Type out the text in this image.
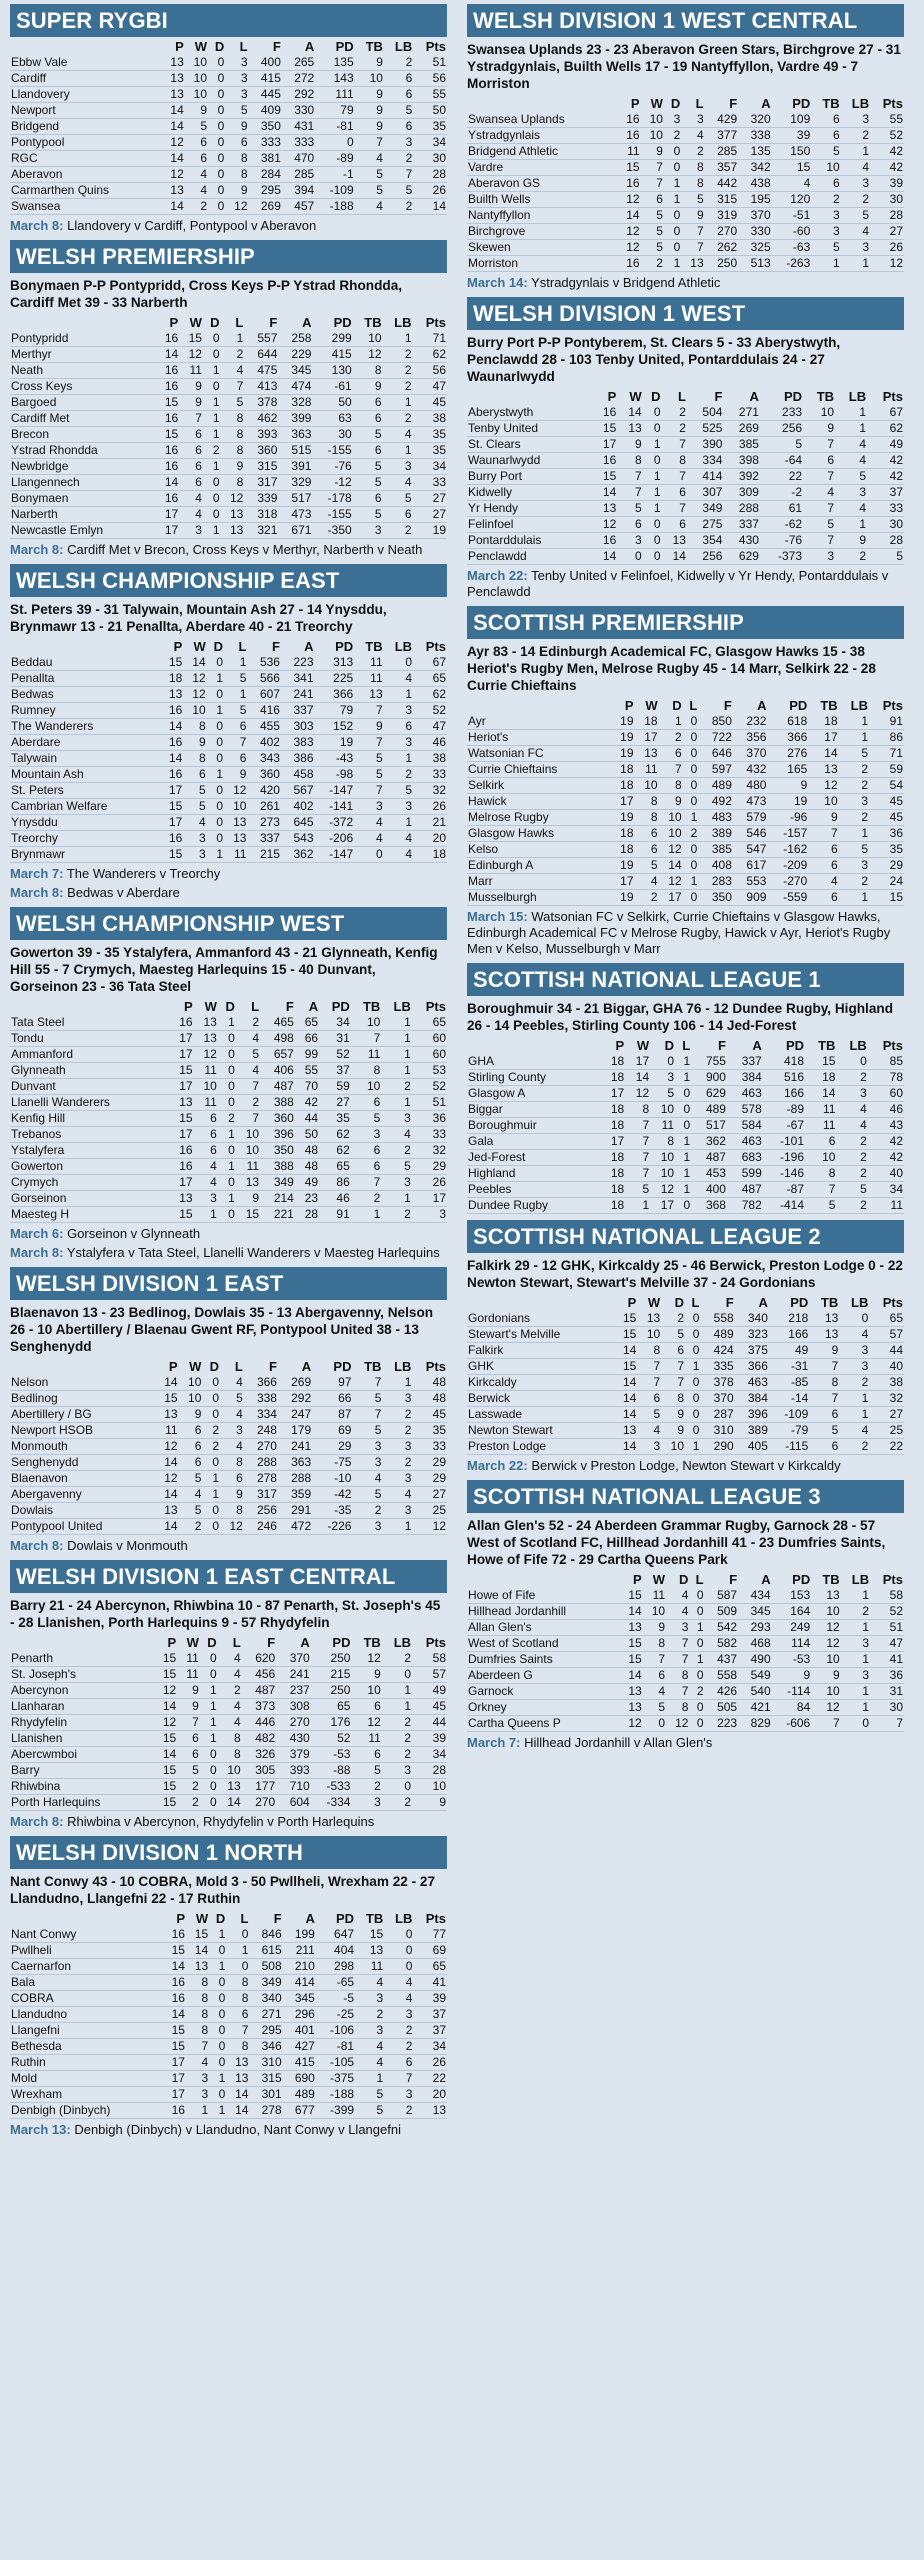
SUPER RYGBI
	P	W	D	L	F	A	PD	TB	LB	Pts
Ebbw Vale	13	10	0	3	400	265	135	9	2	51
Cardiff	13	10	0	3	415	272	143	10	6	56
Llandovery	13	10	0	3	445	292	111	9	6	55
Newport	14	9	0	5	409	330	79	9	5	50
Bridgend	14	5	0	9	350	431	-81	9	6	35
Pontypool	12	6	0	6	333	333	0	7	3	34
RGC	14	6	0	8	381	470	-89	4	2	30
Aberavon	12	4	0	8	284	285	-1	5	7	28
Carmarthen Quins	13	4	0	9	295	394	-109	5	5	26
Swansea	14	2	0	12	269	457	-188	4	2	14
March 8: Llandovery v Cardiff, Pontypool v Aberavon
WELSH PREMIERSHIP
Bonymaen P-P Pontypridd, Cross Keys P-P Ystrad Rhondda, Cardiff Met 39 - 33 Narberth
	P	W	D	L	F	A	PD	TB	LB	Pts
Pontypridd	16	15	0	1	557	258	299	10	1	71
Merthyr	14	12	0	2	644	229	415	12	2	62
Neath	16	11	1	4	475	345	130	8	2	56
Cross Keys	16	9	0	7	413	474	-61	9	2	47
Bargoed	15	9	1	5	378	328	50	6	1	45
Cardiff Met	16	7	1	8	462	399	63	6	2	38
Brecon	15	6	1	8	393	363	30	5	4	35
Ystrad Rhondda	16	6	2	8	360	515	-155	6	1	35
Newbridge	16	6	1	9	315	391	-76	5	3	34
Llangennech	14	6	0	8	317	329	-12	5	4	33
Bonymaen	16	4	0	12	339	517	-178	6	5	27
Narberth	17	4	0	13	318	473	-155	5	6	27
Newcastle Emlyn	17	3	1	13	321	671	-350	3	2	19
March 8: Cardiff Met v Brecon, Cross Keys v Merthyr, Narberth v Neath
WELSH CHAMPIONSHIP EAST
St. Peters 39 - 31 Talywain, Mountain Ash 27 - 14 Ynysddu, Brynmawr 13 - 21 Penallta, Aberdare 40 - 21 Treorchy
	P	W	D	L	F	A	PD	TB	LB	Pts
Beddau	15	14	0	1	536	223	313	11	0	67
Penallta	18	12	1	5	566	341	225	11	4	65
Bedwas	13	12	0	1	607	241	366	13	1	62
Rumney	16	10	1	5	416	337	79	7	3	52
The Wanderers	14	8	0	6	455	303	152	9	6	47
Aberdare	16	9	0	7	402	383	19	7	3	46
Talywain	14	8	0	6	343	386	-43	5	1	38
Mountain Ash	16	6	1	9	360	458	-98	5	2	33
St. Peters	17	5	0	12	420	567	-147	7	5	32
Cambrian Welfare	15	5	0	10	261	402	-141	3	3	26
Ynysddu	17	4	0	13	273	645	-372	4	1	21
Treorchy	16	3	0	13	337	543	-206	4	4	20
Brynmawr	15	3	1	11	215	362	-147	0	4	18
March 7: The Wanderers v Treorchy
March 8: Bedwas v Aberdare
WELSH CHAMPIONSHIP WEST
Gowerton 39 - 35 Ystalyfera, Ammanford 43 - 21 Glynneath, Kenfig Hill 55 - 7 Crymych, Maesteg Harlequins 15 - 40 Dunvant, Gorseinon 23 - 36 Tata Steel
	P	W	D	L	F	A	PD	TB	LB	Pts
Tata Steel	16	13	1	2	465	65	34	10	1	65
Tondu	17	13	0	4	498	66	31	7	1	60
Ammanford	17	12	0	5	657	99	52	11	1	60
Glynneath	15	11	0	4	406	55	37	8	1	53
Dunvant	17	10	0	7	487	70	59	10	2	52
Llanelli Wanderers	13	11	0	2	388	42	27	6	1	51
Kenfig Hill	15	6	2	7	360	44	35	5	3	36
Trebanos	17	6	1	10	396	50	62	3	4	33
Ystalyfera	16	6	0	10	350	48	62	6	2	32
Gowerton	16	4	1	11	388	48	65	6	5	29
Crymych	17	4	0	13	349	49	86	7	3	26
Gorseinon	13	3	1	9	214	23	46	2	1	17
Maesteg H	15	1	0	15	221	28	91	1	2	3
March 6: Gorseinon v Glynneath
March 8: Ystalyfera v Tata Steel, Llanelli Wanderers v Maesteg Harlequins
WELSH DIVISION 1 EAST
Blaenavon 13 - 23 Bedlinog, Dowlais 35 - 13 Abergavenny, Nelson 26 - 10 Abertillery / Blaenau Gwent RF, Pontypool United 38 - 13 Senghenydd
	P	W	D	L	F	A	PD	TB	LB	Pts
Nelson	14	10	0	4	366	269	97	7	1	48
Bedlinog	15	10	0	5	338	292	66	5	3	48
Abertillery / BG	13	9	0	4	334	247	87	7	2	45
Newport HSOB	11	6	2	3	248	179	69	5	2	35
Monmouth	12	6	2	4	270	241	29	3	3	33
Senghenydd	14	6	0	8	288	363	-75	3	2	29
Blaenavon	12	5	1	6	278	288	-10	4	3	29
Abergavenny	14	4	1	9	317	359	-42	5	4	27
Dowlais	13	5	0	8	256	291	-35	2	3	25
Pontypool United	14	2	0	12	246	472	-226	3	1	12
March 8: Dowlais v Monmouth
WELSH DIVISION 1 EAST CENTRAL
Barry 21 - 24 Abercynon, Rhiwbina 10 - 87 Penarth, St. Joseph's 45 - 28 Llanishen, Porth Harlequins 9 - 57 Rhydyfelin
	P	W	D	L	F	A	PD	TB	LB	Pts
Penarth	15	11	0	4	620	370	250	12	2	58
St. Joseph's	15	11	0	4	456	241	215	9	0	57
Abercynon	12	9	1	2	487	237	250	10	1	49
Llanharan	14	9	1	4	373	308	65	6	1	45
Rhydyfelin	12	7	1	4	446	270	176	12	2	44
Llanishen	15	6	1	8	482	430	52	11	2	39
Abercwmboi	14	6	0	8	326	379	-53	6	2	34
Barry	15	5	0	10	305	393	-88	5	3	28
Rhiwbina	15	2	0	13	177	710	-533	2	0	10
Porth Harlequins	15	2	0	14	270	604	-334	3	2	9
March 8: Rhiwbina v Abercynon, Rhydyfelin v Porth Harlequins
WELSH DIVISION 1 NORTH
Nant Conwy 43 - 10 COBRA, Mold 3 - 50 Pwllheli, Wrexham 22 - 27 Llandudno, Llangefni 22 - 17 Ruthin
	P	W	D	L	F	A	PD	TB	LB	Pts
Nant Conwy	16	15	1	0	846	199	647	15	0	77
Pwllheli	15	14	0	1	615	211	404	13	0	69
Caernarfon	14	13	1	0	508	210	298	11	0	65
Bala	16	8	0	8	349	414	-65	4	4	41
COBRA	16	8	0	8	340	345	-5	3	4	39
Llandudno	14	8	0	6	271	296	-25	2	3	37
Llangefni	15	8	0	7	295	401	-106	3	2	37
Bethesda	15	7	0	8	346	427	-81	4	2	34
Ruthin	17	4	0	13	310	415	-105	4	6	26
Mold	17	3	1	13	315	690	-375	1	7	22
Wrexham	17	3	0	14	301	489	-188	5	3	20
Denbigh (Dinbych)	16	1	1	14	278	677	-399	5	2	13
March 13: Denbigh (Dinbych) v Llandudno, Nant Conwy v Llangefni
WELSH DIVISION 1 WEST CENTRAL
Swansea Uplands 23 - 23 Aberavon Green Stars, Birchgrove 27 - 31 Ystradgynlais, Builth Wells 17 - 19 Nantyffyllon, Vardre 49 - 7 Morriston
	P	W	D	L	F	A	PD	TB	LB	Pts
Swansea Uplands	16	10	3	3	429	320	109	6	3	55
Ystradgynlais	16	10	2	4	377	338	39	6	2	52
Bridgend Athletic	11	9	0	2	285	135	150	5	1	42
Vardre	15	7	0	8	357	342	15	10	4	42
Aberavon GS	16	7	1	8	442	438	4	6	3	39
Builth Wells	12	6	1	5	315	195	120	2	2	30
Nantyffyllon	14	5	0	9	319	370	-51	3	5	28
Birchgrove	12	5	0	7	270	330	-60	3	4	27
Skewen	12	5	0	7	262	325	-63	5	3	26
Morriston	16	2	1	13	250	513	-263	1	1	12
March 14: Ystradgynlais v Bridgend Athletic
WELSH DIVISION 1 WEST
Burry Port P-P Pontyberem, St. Clears 5 - 33 Aberystwyth, Penclawdd 28 - 103 Tenby United, Pontarddulais 24 - 27 Waunarlwydd
	P	W	D	L	F	A	PD	TB	LB	Pts
Aberystwyth	16	14	0	2	504	271	233	10	1	67
Tenby United	15	13	0	2	525	269	256	9	1	62
St. Clears	17	9	1	7	390	385	5	7	4	49
Waunarlwydd	16	8	0	8	334	398	-64	6	4	42
Burry Port	15	7	1	7	414	392	22	7	5	42
Kidwelly	14	7	1	6	307	309	-2	4	3	37
Yr Hendy	13	5	1	7	349	288	61	7	4	33
Felinfoel	12	6	0	6	275	337	-62	5	1	30
Pontarddulais	16	3	0	13	354	430	-76	7	9	28
Penclawdd	14	0	0	14	256	629	-373	3	2	5
March 22: Tenby United v Felinfoel, Kidwelly v Yr Hendy, Pontarddulais v Penclawdd
SCOTTISH PREMIERSHIP
Ayr 83 - 14 Edinburgh Academical FC, Glasgow Hawks 15 - 38 Heriot's Rugby Men, Melrose Rugby 45 - 14 Marr, Selkirk 22 - 28 Currie Chieftains
	P	W	D	L	F	A	PD	TB	LB	Pts
Ayr	19	18	1	0	850	232	618	18	1	91
Heriot's	19	17	2	0	722	356	366	17	1	86
Watsonian FC	19	13	6	0	646	370	276	14	5	71
Currie Chieftains	18	11	7	0	597	432	165	13	2	59
Selkirk	18	10	8	0	489	480	9	12	2	54
Hawick	17	8	9	0	492	473	19	10	3	45
Melrose Rugby	19	8	10	1	483	579	-96	9	2	45
Glasgow Hawks	18	6	10	2	389	546	-157	7	1	36
Kelso	18	6	12	0	385	547	-162	6	5	35
Edinburgh A	19	5	14	0	408	617	-209	6	3	29
Marr	17	4	12	1	283	553	-270	4	2	24
Musselburgh	19	2	17	0	350	909	-559	6	1	15
March 15: Watsonian FC v Selkirk, Currie Chieftains v Glasgow Hawks, Edinburgh Academical FC v Melrose Rugby, Hawick v Ayr, Heriot's Rugby Men v Kelso, Musselburgh v Marr
SCOTTISH NATIONAL LEAGUE 1
Boroughmuir 34 - 21 Biggar, GHA 76 - 12 Dundee Rugby, Highland 26 - 14 Peebles, Stirling County 106 - 14 Jed-Forest
	P	W	D	L	F	A	PD	TB	LB	Pts
GHA	18	17	0	1	755	337	418	15	0	85
Stirling County	18	14	3	1	900	384	516	18	2	78
Glasgow A	17	12	5	0	629	463	166	14	3	60
Biggar	18	8	10	0	489	578	-89	11	4	46
Boroughmuir	18	7	11	0	517	584	-67	11	4	43
Gala	17	7	8	1	362	463	-101	6	2	42
Jed-Forest	18	7	10	1	487	683	-196	10	2	42
Highland	18	7	10	1	453	599	-146	8	2	40
Peebles	18	5	12	1	400	487	-87	7	5	34
Dundee Rugby	18	1	17	0	368	782	-414	5	2	11
SCOTTISH NATIONAL LEAGUE 2
Falkirk 29 - 12 GHK, Kirkcaldy 25 - 46 Berwick, Preston Lodge 0 - 22 Newton Stewart, Stewart's Melville 37 - 24 Gordonians
	P	W	D	L	F	A	PD	TB	LB	Pts
Gordonians	15	13	2	0	558	340	218	13	0	65
Stewart's Melville	15	10	5	0	489	323	166	13	4	57
Falkirk	14	8	6	0	424	375	49	9	3	44
GHK	15	7	7	1	335	366	-31	7	3	40
Kirkcaldy	14	7	7	0	378	463	-85	8	2	38
Berwick	14	6	8	0	370	384	-14	7	1	32
Lasswade	14	5	9	0	287	396	-109	6	1	27
Newton Stewart	13	4	9	0	310	389	-79	5	4	25
Preston Lodge	14	3	10	1	290	405	-115	6	2	22
March 22: Berwick v Preston Lodge, Newton Stewart v Kirkcaldy
SCOTTISH NATIONAL LEAGUE 3
Allan Glen's 52 - 24 Aberdeen Grammar Rugby, Garnock 28 - 57 West of Scotland FC, Hillhead Jordanhill 41 - 23 Dumfries Saints, Howe of Fife 72 - 29 Cartha Queens Park
	P	W	D	L	F	A	PD	TB	LB	Pts
Howe of Fife	15	11	4	0	587	434	153	13	1	58
Hillhead Jordanhill	14	10	4	0	509	345	164	10	2	52
Allan Glen's	13	9	3	1	542	293	249	12	1	51
West of Scotland	15	8	7	0	582	468	114	12	3	47
Dumfries Saints	15	7	7	1	437	490	-53	10	1	41
Aberdeen G	14	6	8	0	558	549	9	9	3	36
Garnock	13	4	7	2	426	540	-114	10	1	31
Orkney	13	5	8	0	505	421	84	12	1	30
Cartha Queens P	12	0	12	0	223	829	-606	7	0	7
March 7: Hillhead Jordanhill v Allan Glen's
